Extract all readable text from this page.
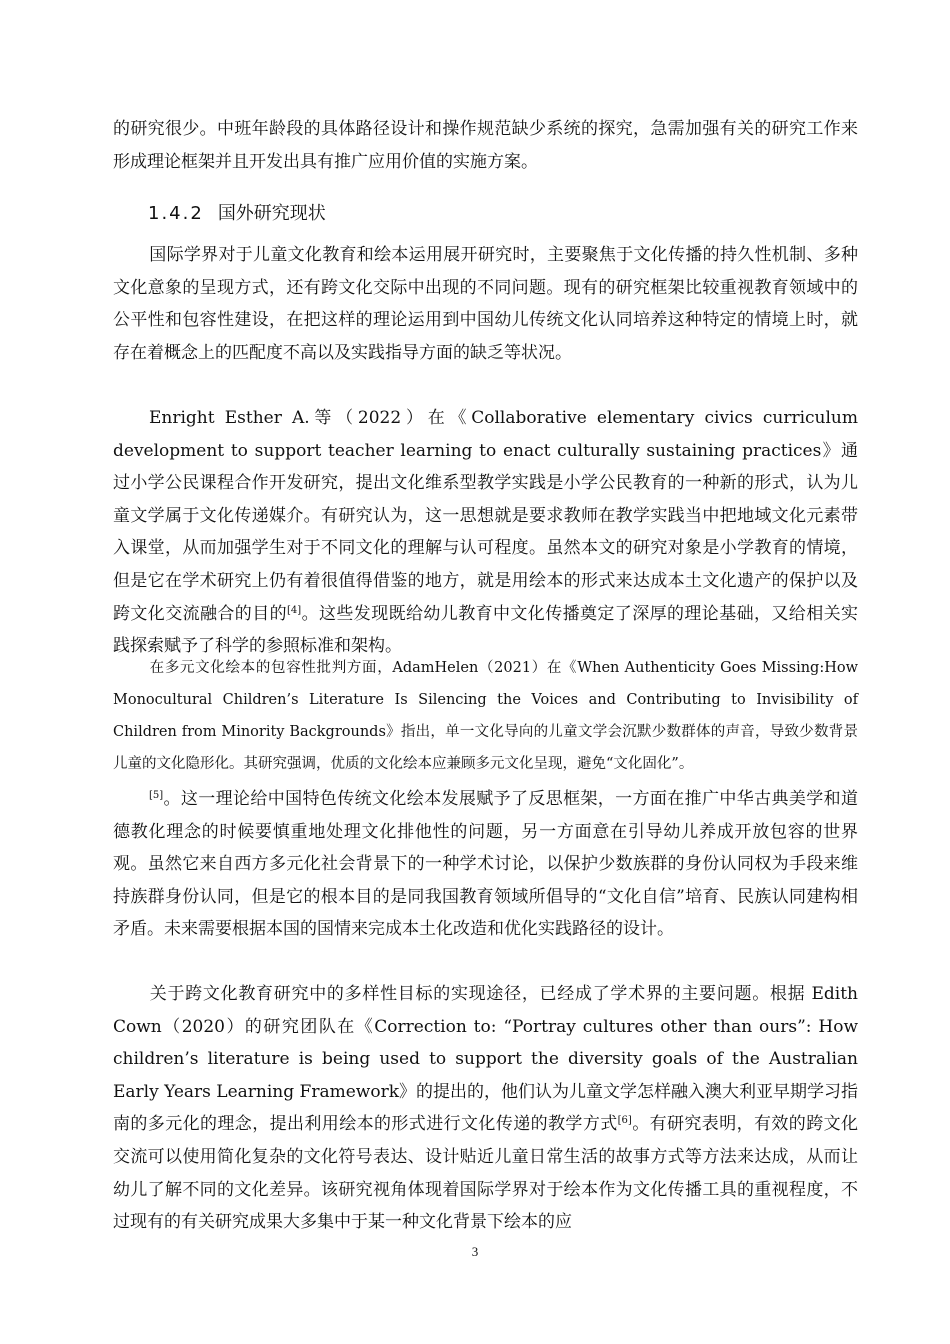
的研究很少。中班年龄段的具体路径设计和操作规范缺少系统的探究，急需加强有关的研究工作来形成理论框架并且开发出具有推广应用价值的实施方案。

1.4.2 国外研究现状

国际学界对于儿童文化教育和绘本运用展开研究时，主要聚焦于文化传播的持久性机制、多种文化意象的呈现方式，还有跨文化交际中出现的不同问题。现有的研究框架比较重视教育领域中的公平性和包容性建设，在把这样的理论运用到中国幼儿传统文化认同培养这种特定的情境上时，就存在着概念上的匹配度不高以及实践指导方面的缺乏等状况。

Enright Esther A.等（2022）在《Collaborative elementary civics curriculum development to support teacher learning to enact culturally sustaining practices》通过小学公民课程合作开发研究，提出文化维系型教学实践是小学公民教育的一种新的形式，认为儿童文学属于文化传递媒介。有研究认为，这一思想就是要求教师在教学实践当中把地域文化元素带入课堂，从而加强学生对于不同文化的理解与认可程度。虽然本文的研究对象是小学教育的情境，但是它在学术研究上仍有着很值得借鉴的地方，就是用绘本的形式来达成本土文化遗产的保护以及跨文化交流融合的目的[4]。这些发现既给幼儿教育中文化传播奠定了深厚的理论基础，又给相关实践探索赋予了科学的参照标准和架构。

在多元文化绘本的包容性批判方面，AdamHelen（2021）在《When Authenticity Goes Missing:How Monocultural Children’s Literature Is Silencing the Voices and Contributing to Invisibility of Children from Minority Backgrounds》指出，单一文化导向的儿童文学会沉默少数群体的声音，导致少数背景儿童的文化隐形化。其研究强调，优质的文化绘本应兼顾多元文化呈现，避免“文化固化”。

[5]。这一理论给中国特色传统文化绘本发展赋予了反思框架，一方面在推广中华古典美学和道德教化理念的时候要慎重地处理文化排他性的问题，另一方面意在引导幼儿养成开放包容的世界观。虽然它来自西方多元化社会背景下的一种学术讨论，以保护少数族群的身份认同权为手段来维持族群身份认同，但是它的根本目的是同我国教育领域所倡导的“文化自信”培育、民族认同建构相矛盾。未来需要根据本国的国情来完成本土化改造和优化实践路径的设计。

关于跨文化教育研究中的多样性目标的实现途径，已经成了学术界的主要问题。根据 Edith Cown（2020）的研究团队在《Correction to: “Portray cultures other than ours”: How children’s literature is being used to support the diversity goals of the Australian Early Years Learning Framework》的提出的，他们认为儿童文学怎样融入澳大利亚早期学习指南的多元化的理念，提出利用绘本的形式进行文化传递的教学方式[6]。有研究表明，有效的跨文化交流可以使用简化复杂的文化符号表达、设计贴近儿童日常生活的故事方式等方法来达成，从而让幼儿了解不同的文化差异。该研究视角体现着国际学界对于绘本作为文化传播工具的重视程度，不过现有的有关研究成果大多集中于某一种文化背景下绘本的应

3
